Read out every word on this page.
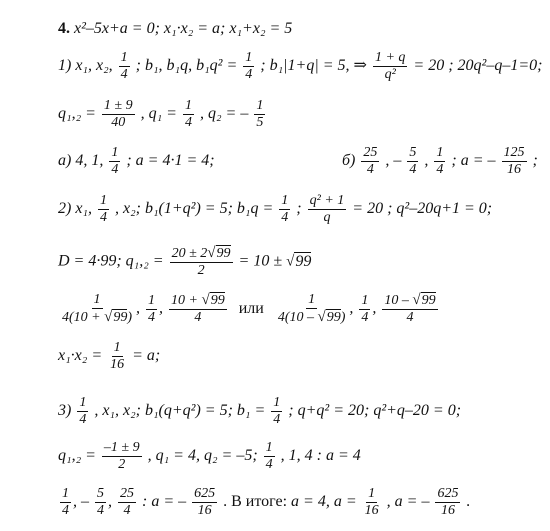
4. x²–5x+a = 0; x₁·x₂ = a; x₁+x₂ = 5
1) x₁, x₂, $\frac{1}{4}$ ; b₁, b₁q, $b_1q^2 = \frac{1}{4}$ ; b₁|1+q| = 5, ⇒ $\frac{1 + q}{\text{q²}} = 20$ ; 20q²–q–1=0;
$q_1,_2 = \frac{1 \pm 9}{40}$ , $q_1 = \frac{1}{4}$ , q₂ = – $\frac{1}{5}$
а) 4, 1, $\frac{1}{4}$ ; a = 4·1 = 4;	$б) \frac{25}{4}$ , – $\frac{5}{4}$ , $\frac{1}{4}$ ; a = – $\frac{125}{16}$ ;
2) x₁, $\frac{1}{4}$ , x₂; b₁(1+q²) = 5; $b_1q = \frac{1}{4}$ ; $\frac{\text{q² + 1}}{q} = 20$ ; q²–20q+1 = 0;
D = 4·99; $q_1,_2 = \frac{20 \pm 2√99}{2} = 10 \pm √99$
$\frac{1}{4(10 + √99)}$ , $\frac{1}{4}$ , $\frac{10 + √99}{4}$ или $\frac{1}{4(10 - √99)}$ , $\frac{1}{4}$ , $\frac{10 - √99}{4}$
$x_1\cdot x_2 = \frac{1}{16} = a$;
$3) \frac{1}{4}$ , x₁, x₂; b₁(q+q²) = 5; $b_1 = \frac{1}{4}$ ; q+q² = 20; q²+q–20 = 0;
$q_1,_2 = \frac{-1 \pm 9}{2}$ , q₁ = 4, q₂ = –5; $\frac{1}{4}$ , 1, 4 : a = 4
$\frac{1}{4}$ , – $\frac{5}{4}$ , $\frac{25}{4}$ : a = – $\frac{625}{16}$ . В итоге: a = 4, $a = \frac{1}{16}$ , a = – $\frac{625}{16}$ .
